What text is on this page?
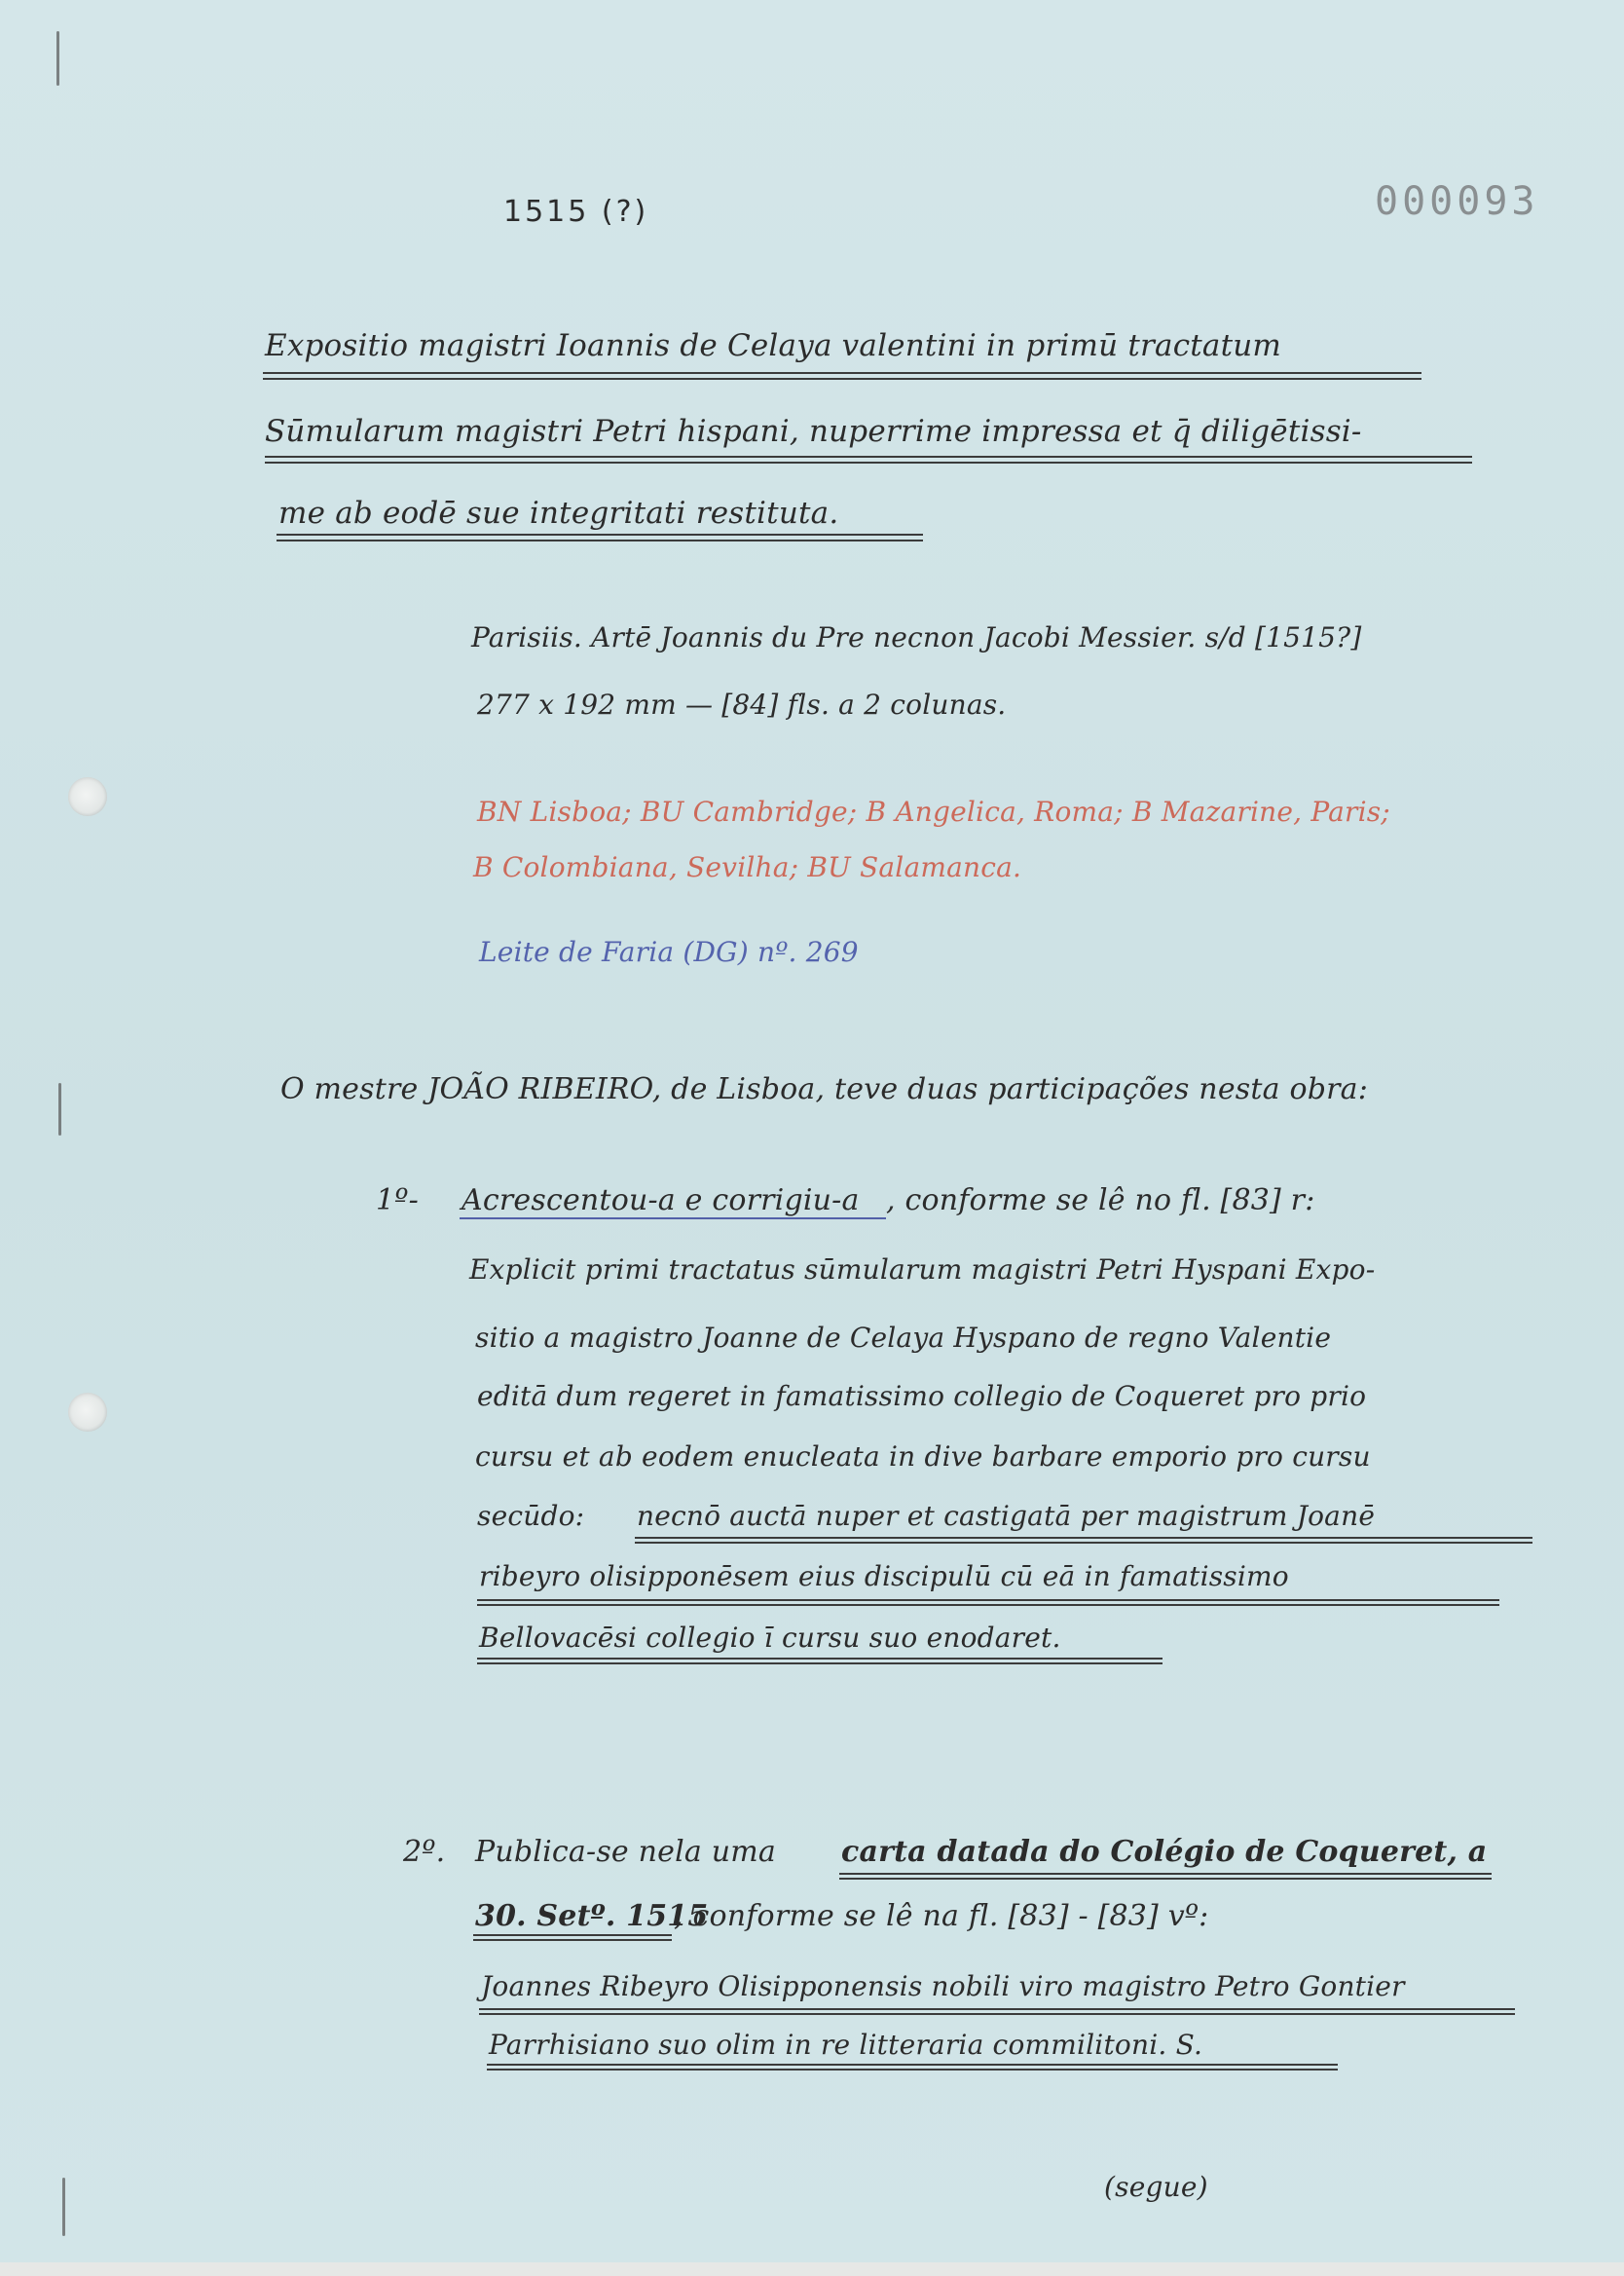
1515 (?)	000093
Expositio magistri Ioannis de Celaya valentini in primū tractatum
Sūmularum magistri Petri hispani, nuperrime impressa et q̄ diligētissi-
me ab eodē sue integritati restituta.
Parisiis. Artē Joannis du Pre necnon Jacobi Messier. s/d [1515?]
277 x 192 mm — [84] fls. a 2 colunas.
BN Lisboa; BU Cambridge; B Angelica, Roma; B Mazarine, Paris;
B Colombiana, Sevilha; BU Salamanca.
Leite de Faria (DG) nº. 269
O mestre JOÃO RIBEIRO, de Lisboa, teve duas participações nesta obra:
1º- Acrescentou-a e corrigiu-a , conforme se lê no fl. [83] r:
Explicit primi tractatus sūmularum magistri Petri Hyspani Expo-
sitio a magistro Joanne de Celaya Hyspano de regno Valentie
editā dum regeret in famatissimo collegio de Coqueret pro prio
cursu et ab eodem enucleata in dive barbare emporio pro cursu
secūdo: necnō auctā nuper et castigatā per magistrum Joanē
ribeyro olisipponēsem eius discipulū cū eā in famatissimo
Bellovacēsi collegio ī cursu suo enodaret.
2º. Publica-se nela uma carta datada do Colégio de Coqueret, a
30. Setº. 1515
, conforme se lê na fl. [83] - [83] vº:
Joannes Ribeyro Olisipponensis nobili viro magistro Petro Gontier
Parrhisiano suo olim in re litteraria commilitoni. S.
(segue)
